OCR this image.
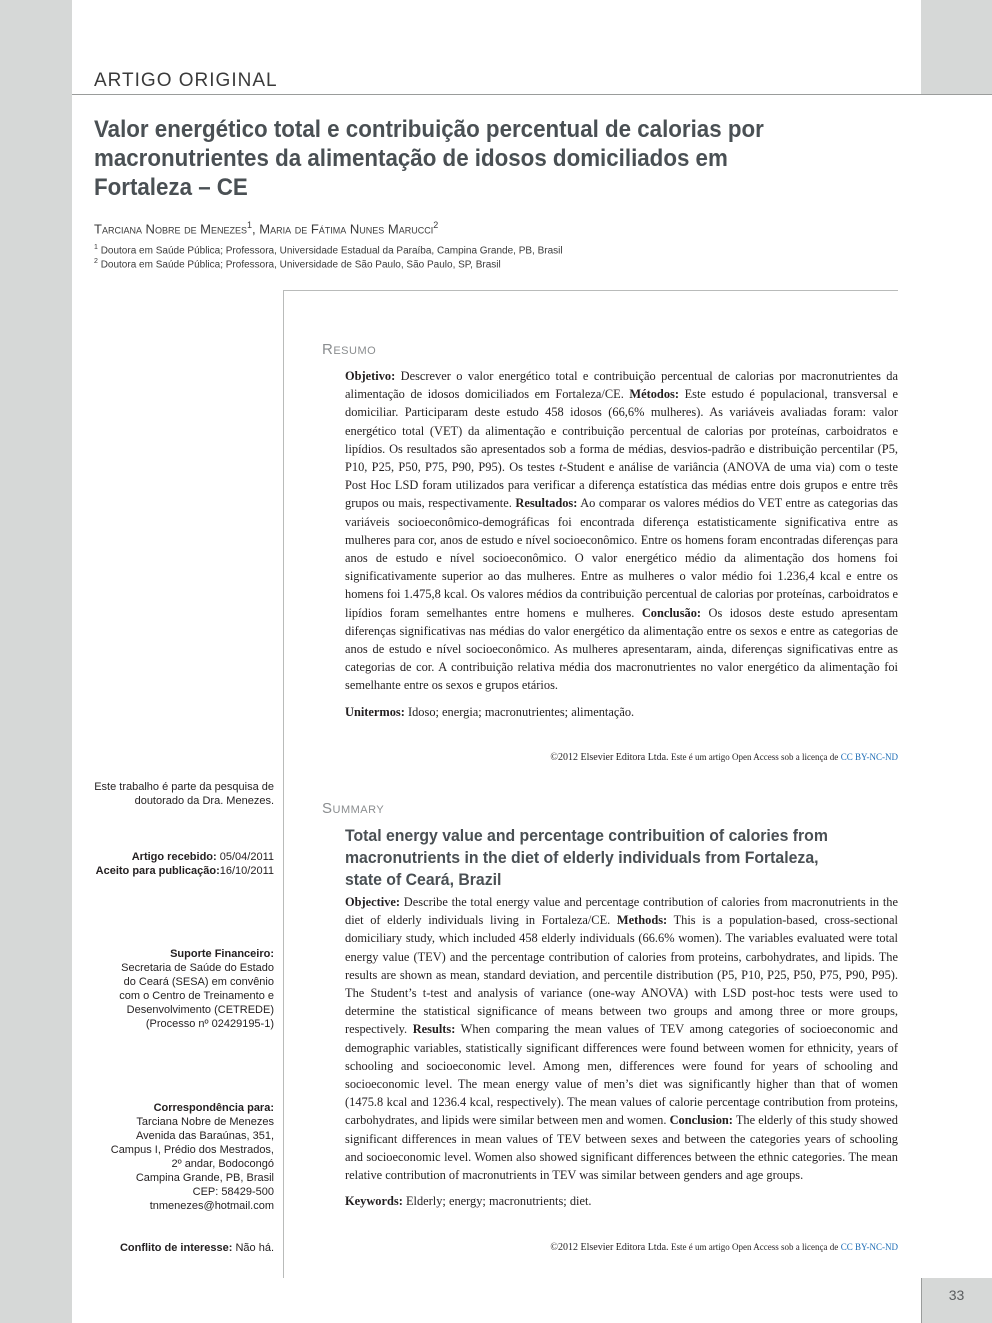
ARTIGO ORIGINAL
Valor energético total e contribuição percentual de calorias por macronutrientes da alimentação de idosos domiciliados em Fortaleza – CE
Tarciana Nobre de Menezes$^1$, Maria de Fátima Nunes Marucci$^2$
$^1$ Doutora em Saúde Pública; Professora, Universidade Estadual da Paraíba, Campina Grande, PB, Brasil
$^2$ Doutora em Saúde Pública; Professora, Universidade de São Paulo, São Paulo, SP, Brasil
Este trabalho é parte da pesquisa de doutorado da Dra. Menezes.
Artigo recebido: 05/04/2011
Aceito para publicação:16/10/2011
Suporte Financeiro:
Secretaria de Saúde do Estado do Ceará (SESA) em convênio com o Centro de Treinamento e Desenvolvimento (CETREDE) (Processo nº 02429195-1)
Correspondência para:
Tarciana Nobre de Menezes
Avenida das Baraúnas, 351,
Campus I, Prédio dos Mestrados,
2º andar, Bodocongó
Campina Grande, PB, Brasil
CEP: 58429-500
tnmenezes@hotmail.com
Conflito de interesse: Não há.
Resumo

Objetivo: Descrever o valor energético total e contribuição percentual de calorias por macronutrientes da alimentação de idosos domiciliados em Fortaleza/CE. Métodos: Este estudo é populacional, transversal e domiciliar. Participaram deste estudo 458 idosos (66,6% mulheres). As variáveis avaliadas foram: valor energético total (VET) da alimentação e contribuição percentual de calorias por proteínas, carboidratos e lipídios. Os resultados são apresentados sob a forma de médias, desvios-padrão e distribuição percentilar (P5, P10, P25, P50, P75, P90, P95). Os testes t-Student e análise de variância (ANOVA de uma via) com o teste Post Hoc LSD foram utilizados para verificar a diferença estatística das médias entre dois grupos e entre três grupos ou mais, respectivamente. Resultados: Ao comparar os valores médios do VET entre as categorias das variáveis socioeconômico-demográficas foi encontrada diferença estatisticamente significativa entre as mulheres para cor, anos de estudo e nível socioeconômico. Entre os homens foram encontradas diferenças para anos de estudo e nível socioeconômico. O valor energético médio da alimentação dos homens foi significativamente superior ao das mulheres. Entre as mulheres o valor médio foi 1.236,4 kcal e entre os homens foi 1.475,8 kcal. Os valores médios da contribuição percentual de calorias por proteínas, carboidratos e lipídios foram semelhantes entre homens e mulheres. Conclusão: Os idosos deste estudo apresentam diferenças significativas nas médias do valor energético da alimentação entre os sexos e entre as categorias de anos de estudo e nível socioeconômico. As mulheres apresentaram, ainda, diferenças significativas entre as categorias de cor. A contribuição relativa média dos macronutrientes no valor energético da alimentação foi semelhante entre os sexos e grupos etários.

Unitermos: Idoso; energia; macronutrientes; alimentação.

©2012 Elsevier Editora Ltda. Este é um artigo Open Access sob a licença de CC BY-NC-ND
Summary
Total energy value and percentage contribuition of calories from macronutrients in the diet of elderly individuals from Fortaleza, state of Ceará, Brazil

Objective: Describe the total energy value and percentage contribution of calories from macronutrients in the diet of elderly individuals living in Fortaleza/CE. Methods: This is a population-based, cross-sectional domiciliary study, which included 458 elderly individuals (66.6% women). The variables evaluated were total energy value (TEV) and the percentage contribution of calories from proteins, carbohydrates, and lipids. The results are shown as mean, standard deviation, and percentile distribution (P5, P10, P25, P50, P75, P90, P95). The Student’s t-test and analysis of variance (one-way ANOVA) with LSD post-hoc tests were used to determine the statistical significance of means between two groups and among three or more groups, respectively. Results: When comparing the mean values of TEV among categories of socioeconomic and demographic variables, statistically significant differences were found between women for ethnicity, years of schooling and socioeconomic level. Among men, differences were found for years of schooling and socioeconomic level. The mean energy value of men’s diet was significantly higher than that of women (1475.8 kcal and 1236.4 kcal, respectively). The mean values of calorie percentage contribution from proteins, carbohydrates, and lipids were similar between men and women. Conclusion: The elderly of this study showed significant differences in mean values of TEV between sexes and between the categories years of schooling and socioeconomic level. Women also showed significant differences between the ethnic categories. The mean relative contribution of macronutrients in TEV was similar between genders and age groups.

Keywords: Elderly; energy; macronutrients; diet.

©2012 Elsevier Editora Ltda. Este é um artigo Open Access sob a licença de CC BY-NC-ND
33
